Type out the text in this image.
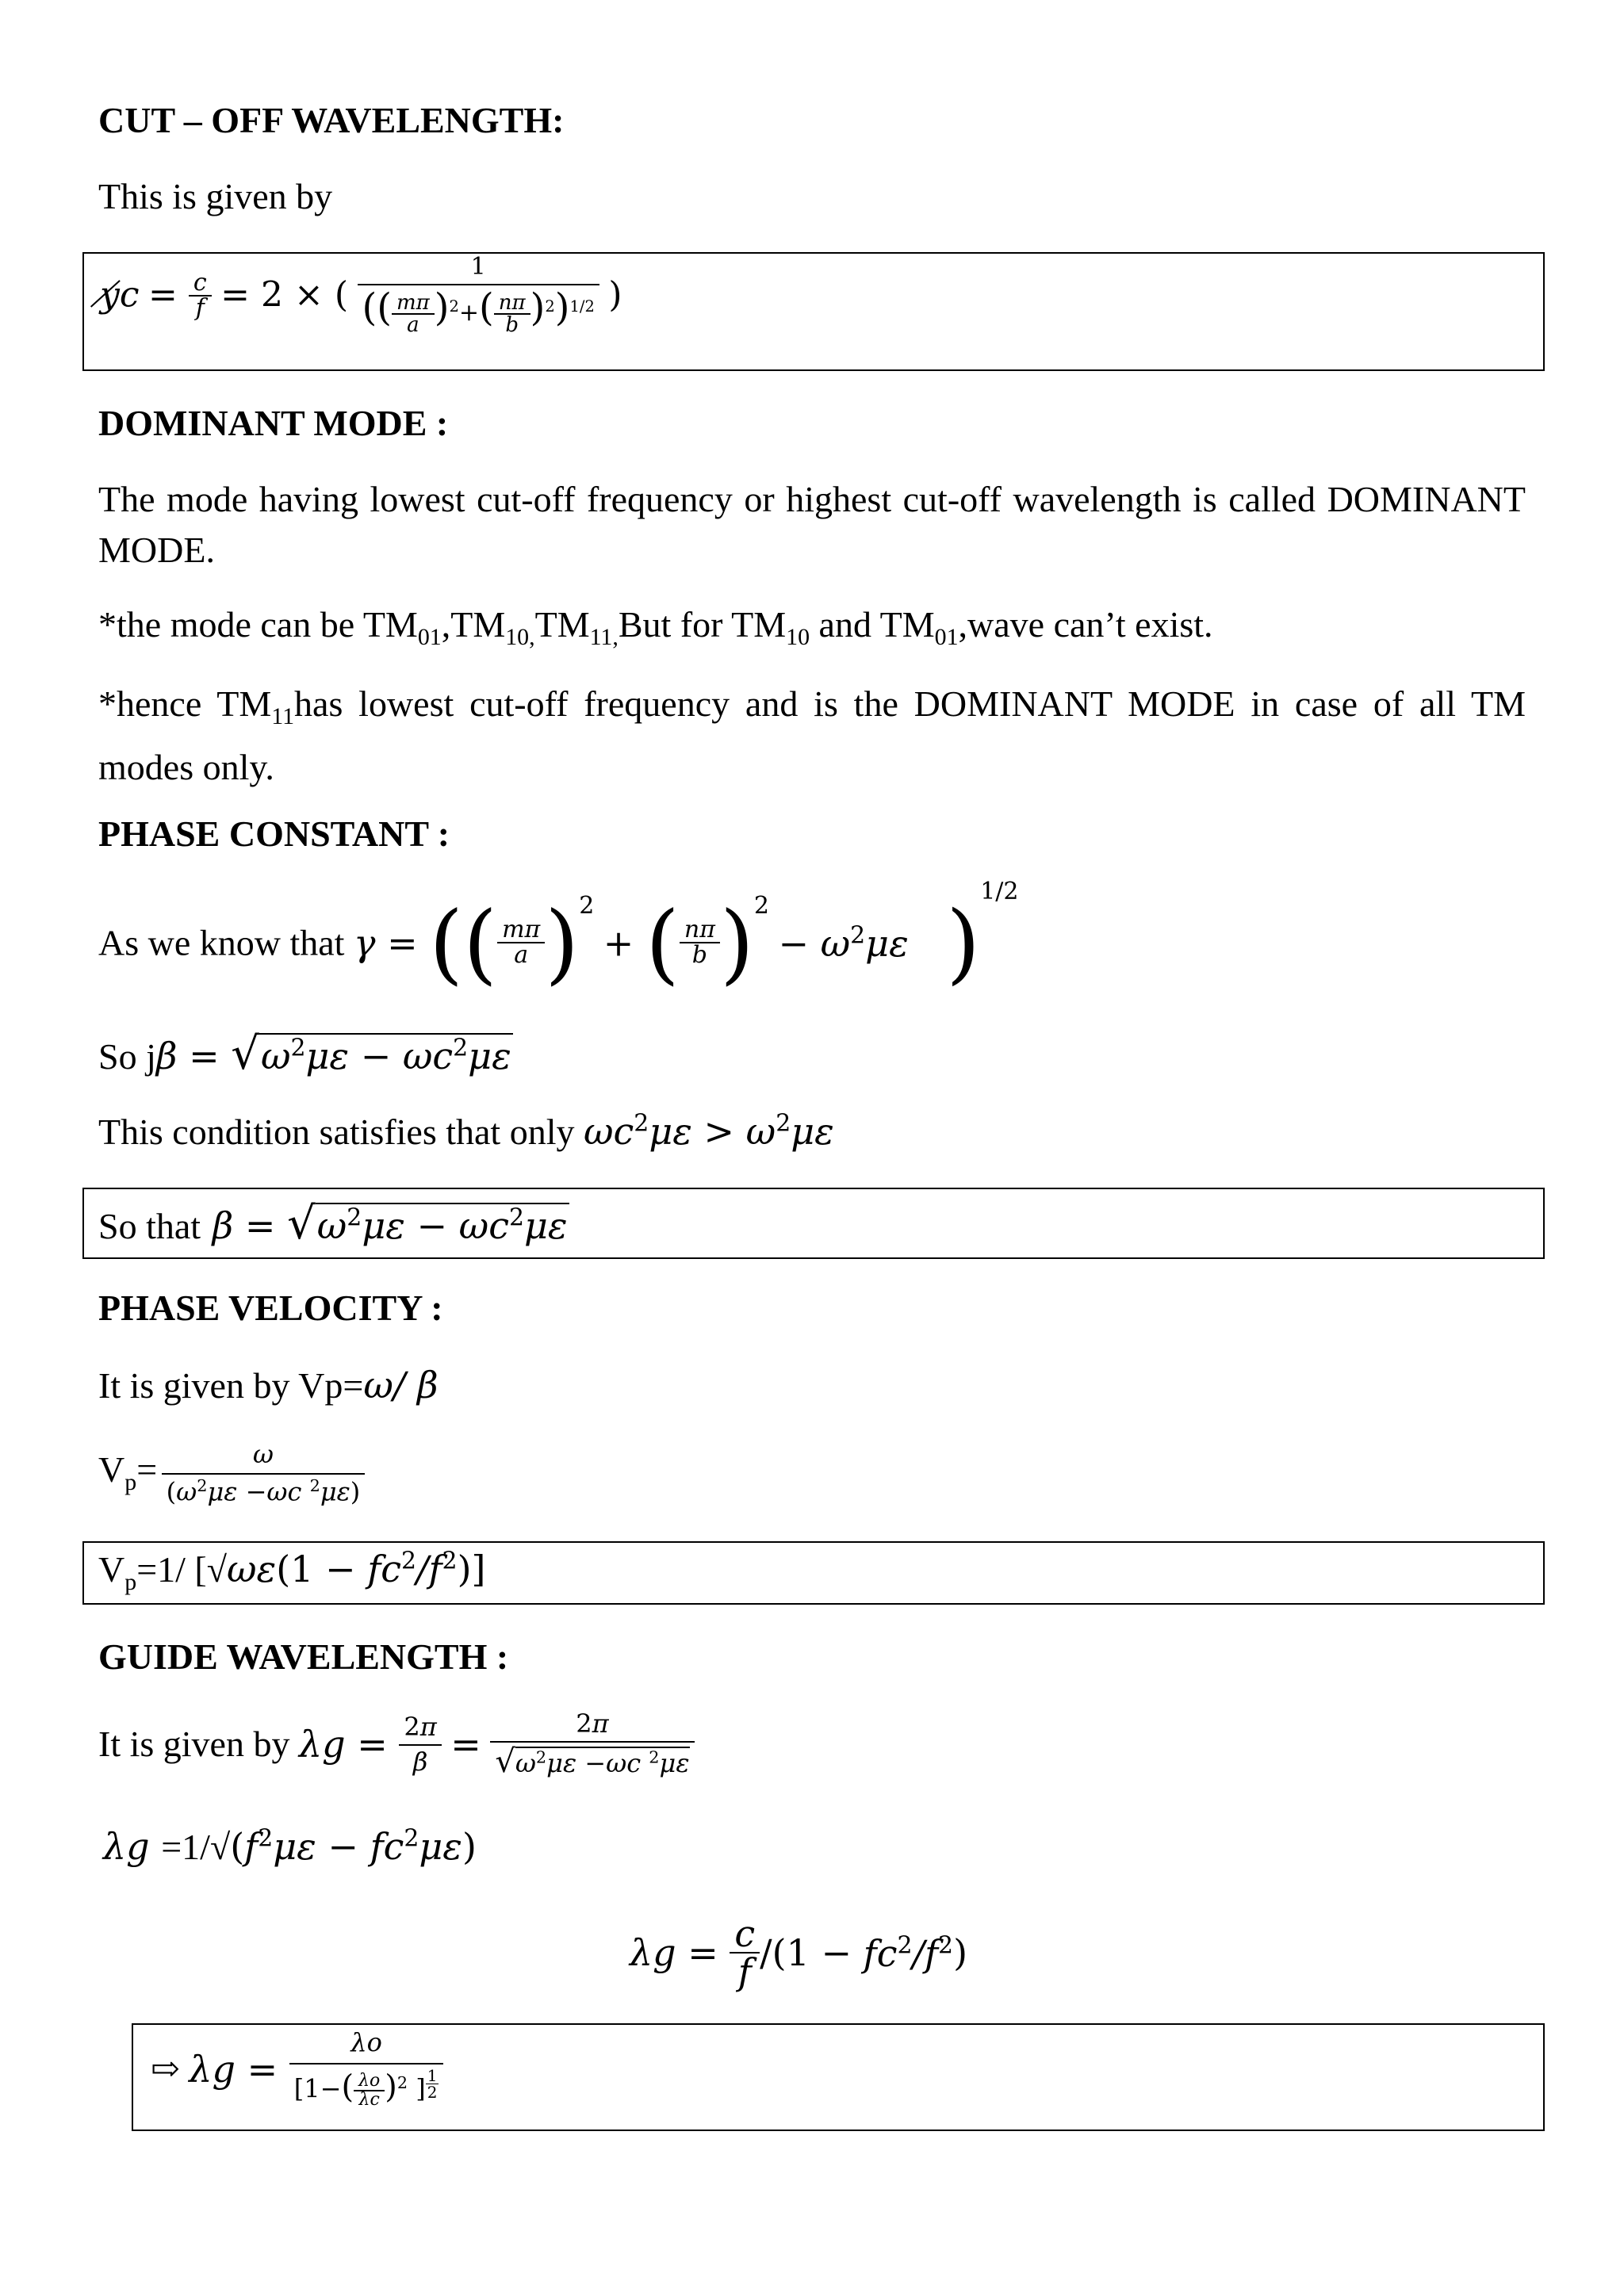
CUT – OFF WAVELENGTH:
This is given by
y̸c = $\frac{c}{f} = 2$ × ( $\frac{1}{(( \frac{m\pi}{a} )^2+( \frac{n\pi}{b} )^2)^{1/2}}$ )
DOMINANT MODE :
The mode having lowest cut-off frequency or highest cut-off wavelength is called DOMINANT MODE.
*the mode can be $TM_{01},TM_{10,}TM_{11,}But$ for $TM_{10}$ and $TM_{01},wave$ can’t exist.
*hence $TM_{11}has$ lowest cut-off frequency and is the DOMINANT MODE in case of all TM modes only.
PHASE CONSTANT :
As we know that γ = (( $\frac{m\pi}{a} )^2$ + ( $\frac{n\pi}{b} )^2 - \omega^2\mu\varepsilon$ )$^{1/2}$
So $j\beta = √\omega^2\mu\varepsilon - \omega c^2\mu\varepsilon$
This condition satisfies that only $\omega c^2\mu\varepsilon > \omega^2\mu\varepsilon$
So that $\beta = √\omega^2\mu\varepsilon - \omega c^2\mu\varepsilon$
PHASE VELOCITY :
It is given by Vp=ω/ β
$V_p= \frac{\omega}{(\omega^2\mu\varepsilon -\omega c ^2\mu\varepsilon)}$
$V_p=1/$ $[√\omega\varepsilon(1 - fc^2/f^2)]$
GUIDE WAVELENGTH :
It is given by $\lambda g = \frac{2\pi}{\beta} = \frac{2\pi}{√\omega^2\mu\varepsilon -\omega c ^2\mu\varepsilon}$
$\lambda g =1/√(f^2\mu\varepsilon - fc^2\mu\varepsilon)$
$\lambda g = \frac{c}{f} /(1 - fc^2/f^2)$
⇨ λg = λo
[$1-( \frac{\lambda o}{\lambda c} )^2$ ] $^{\frac{1}{2}}$
